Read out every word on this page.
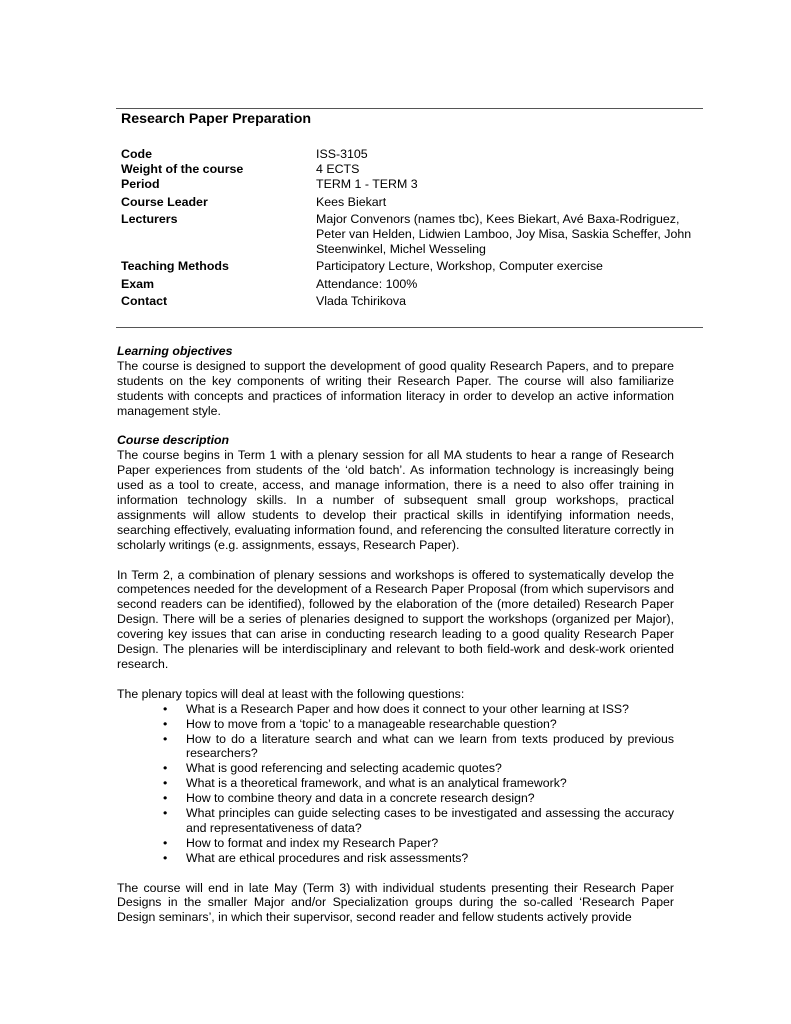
Research Paper Preparation
Code	ISS-3105
Weight of the course	4 ECTS
Period	TERM 1 - TERM 3
Course Leader	Kees Biekart
Lecturers	Major Convenors (names tbc), Kees Biekart, Avé Baxa-Rodriguez, Peter van Helden, Lidwien Lamboo, Joy Misa, Saskia Scheffer, John Steenwinkel, Michel Wesseling
Teaching Methods	Participatory Lecture, Workshop, Computer exercise
Exam	Attendance: 100%
Contact	Vlada Tchirikova

Learning objectives

The course is designed to support the development of good quality Research Papers, and to prepare students on the key components of writing their Research Paper. The course will also familiarize students with concepts and practices of information literacy in order to develop an active information management style.

Course description

The course begins in Term 1 with a plenary session for all MA students to hear a range of Research Paper experiences from students of the ‘old batch’. As information technology is increasingly being used as a tool to create, access, and manage information, there is a need to also offer training in information technology skills. In a number of subsequent small group workshops, practical assignments will allow students to develop their practical skills in identifying information needs, searching effectively, evaluating information found, and referencing the consulted literature correctly in scholarly writings (e.g. assignments, essays, Research Paper).

In Term 2, a combination of plenary sessions and workshops is offered to systematically develop the competences needed for the development of a Research Paper Proposal (from which supervisors and second readers can be identified), followed by the elaboration of the (more detailed) Research Paper Design. There will be a series of plenaries designed to support the workshops (organized per Major), covering key issues that can arise in conducting research leading to a good quality Research Paper Design. The plenaries will be interdisciplinary and relevant to both field-work and desk-work oriented research.

The plenary topics will deal at least with the following questions:

• What is a Research Paper and how does it connect to your other learning at ISS?
• How to move from a ‘topic’ to a manageable researchable question?
• How to do a literature search and what can we learn from texts produced by previous researchers?
• What is good referencing and selecting academic quotes?
• What is a theoretical framework, and what is an analytical framework?
• How to combine theory and data in a concrete research design?
• What principles can guide selecting cases to be investigated and assessing the accuracy and representativeness of data?
• How to format and index my Research Paper?
• What are ethical procedures and risk assessments?

The course will end in late May (Term 3) with individual students presenting their Research Paper Designs in the smaller Major and/or Specialization groups during the so-called ‘Research Paper Design seminars’, in which their supervisor, second reader and fellow students actively provide
